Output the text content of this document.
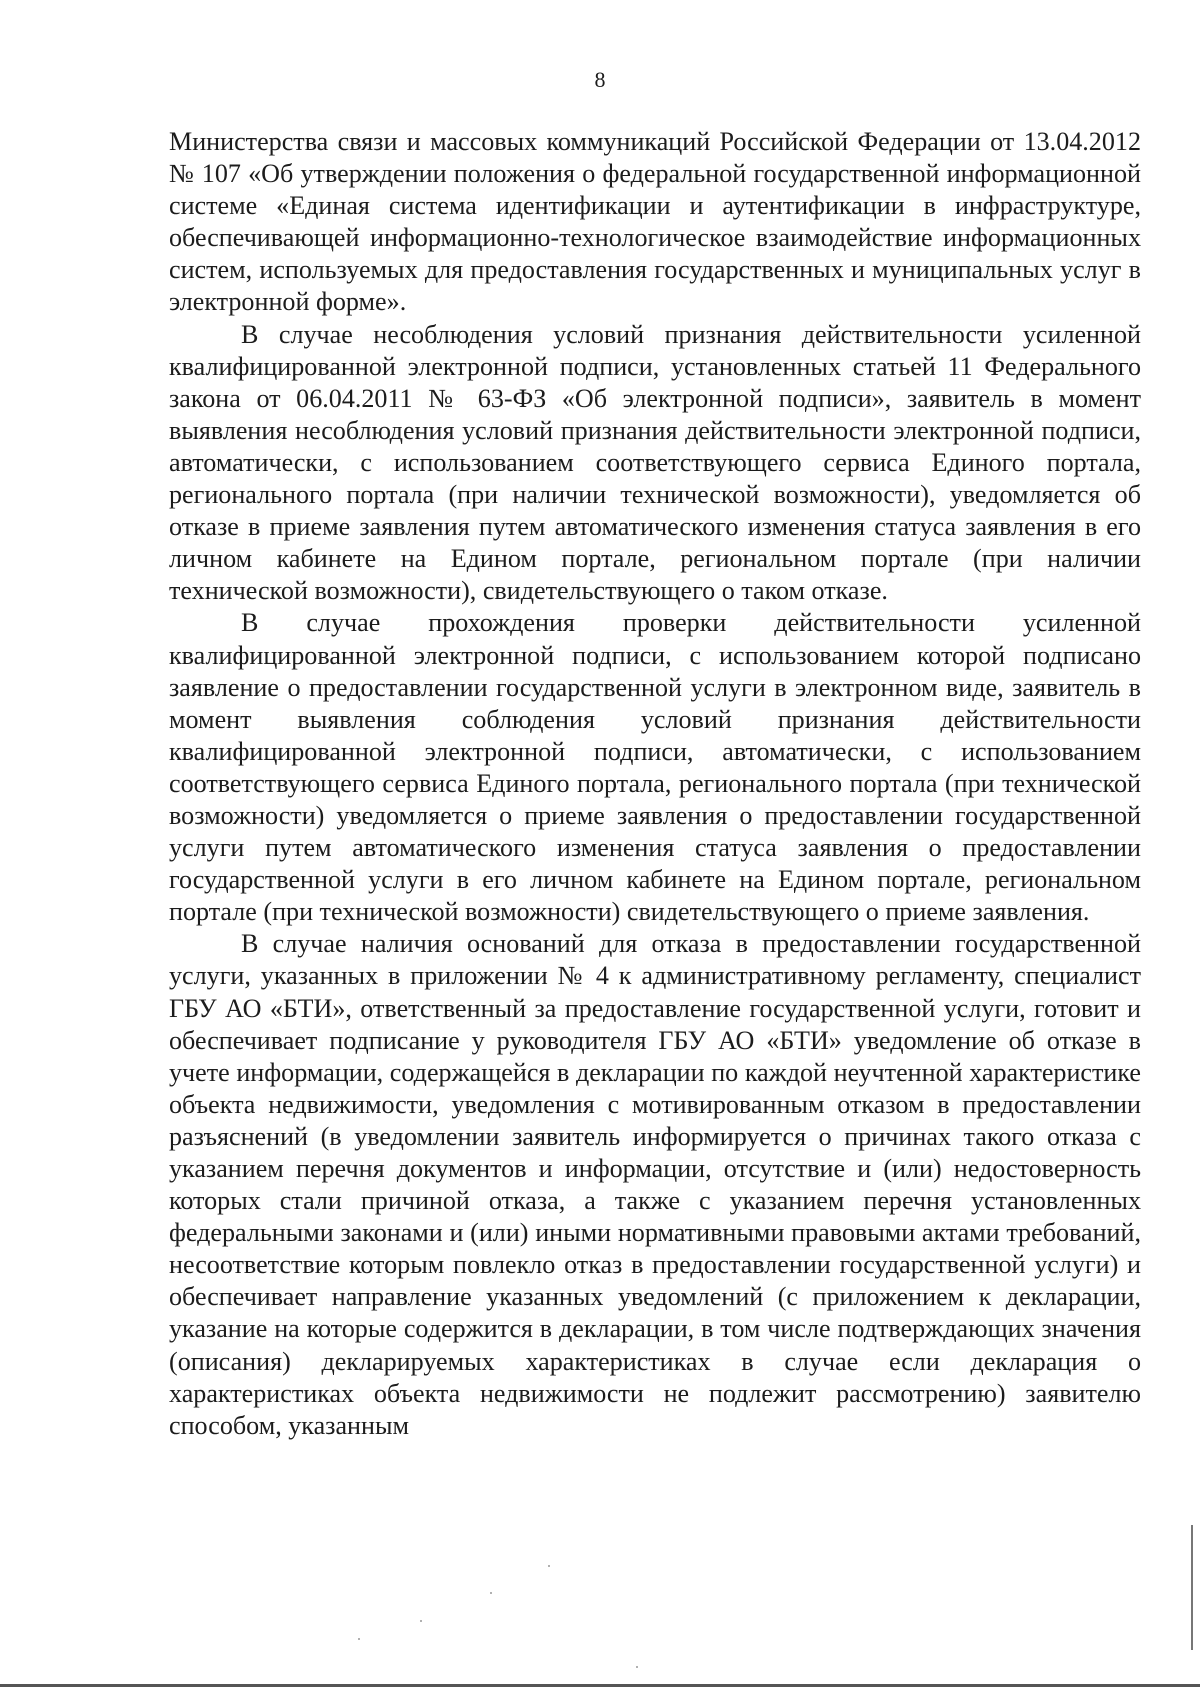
8

Министерства связи и массовых коммуникаций Российской Федерации от 13.04.2012 № 107 «Об утверждении положения о федеральной государственной информационной системе «Единая система идентификации и аутентификации в инфраструктуре, обеспечивающей информационно-технологическое взаимодействие информационных систем, используемых для предоставления государственных и муниципальных услуг в электронной форме».

В случае несоблюдения условий признания действительности усиленной квалифицированной электронной подписи, установленных статьей 11 Федерального закона от 06.04.2011 № 63-ФЗ «Об электронной подписи», заявитель в момент выявления несоблюдения условий признания действительности электронной подписи, автоматически, с использованием соответствующего сервиса Единого портала, регионального портала (при наличии технической возможности), уведомляется об отказе в приеме заявления путем автоматического изменения статуса заявления в его личном кабинете на Едином портале, региональном портале (при наличии технической возможности), свидетельствующего о таком отказе.

В случае прохождения проверки действительности усиленной квалифицированной электронной подписи, с использованием которой подписано заявление о предоставлении государственной услуги в электронном виде, заявитель в момент выявления соблюдения условий признания действительности квалифицированной электронной подписи, автоматически, с использованием соответствующего сервиса Единого портала, регионального портала (при технической возможности) уведомляется о приеме заявления о предоставлении государственной услуги путем автоматического изменения статуса заявления о предоставлении государственной услуги в его личном кабинете на Едином портале, региональном портале (при технической возможности) свидетельствующего о приеме заявления.

В случае наличия оснований для отказа в предоставлении государственной услуги, указанных в приложении № 4 к административному регламенту, специалист ГБУ АО «БТИ», ответственный за предоставление государственной услуги, готовит и обеспечивает подписание у руководителя ГБУ АО «БТИ» уведомление об отказе в учете информации, содержащейся в декларации по каждой неучтенной характеристике объекта недвижимости, уведомления с мотивированным отказом в предоставлении разъяснений (в уведомлении заявитель информируется о причинах такого отказа с указанием перечня документов и информации, отсутствие и (или) недостоверность которых стали причиной отказа, а также с указанием перечня установленных федеральными законами и (или) иными нормативными правовыми актами требований, несоответствие которым повлекло отказ в предоставлении государственной услуги) и обеспечивает направление указанных уведомлений (с приложением к декларации, указание на которые содержится в декларации, в том числе подтверждающих значения (описания) декларируемых характеристиках в случае если декларация о характеристиках объекта недвижимости не подлежит рассмотрению) заявителю способом, указанным
